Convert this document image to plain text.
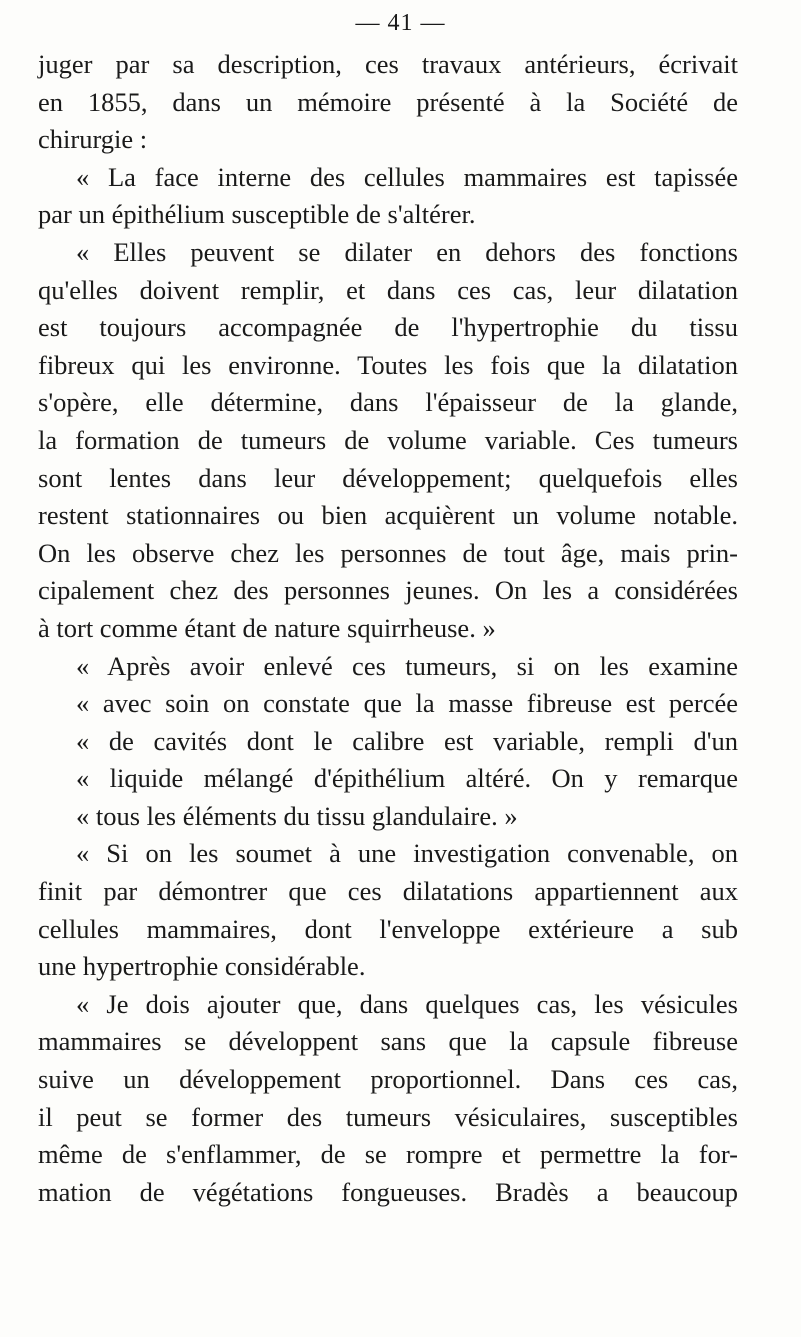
— 41 —
juger par sa description, ces travaux antérieurs, écrivait
en 1855, dans un mémoire présenté à la Société de
chirurgie :
« La face interne des cellules mammaires est tapissée
par un épithélium susceptible de s'altérer.
« Elles peuvent se dilater en dehors des fonctions
qu'elles doivent remplir, et dans ces cas, leur dilatation
est toujours accompagnée de l'hypertrophie du tissu
fibreux qui les environne. Toutes les fois que la dilatation
s'opère, elle détermine, dans l'épaisseur de la glande,
la formation de tumeurs de volume variable. Ces tumeurs
sont lentes dans leur développement; quelquefois elles
restent stationnaires ou bien acquièrent un volume notable.
On les observe chez les personnes de tout âge, mais prin-
cipalement chez des personnes jeunes. On les a considérées
à tort comme étant de nature squirrheuse. »
« Après avoir enlevé ces tumeurs, si on les examine
« avec soin on constate que la masse fibreuse est percée
« de cavités dont le calibre est variable, rempli d'un
« liquide mélangé d'épithélium altéré. On y remarque
« tous les éléments du tissu glandulaire. »
« Si on les soumet à une investigation convenable, on
finit par démontrer que ces dilatations appartiennent aux
cellules mammaires, dont l'enveloppe extérieure a sub
une hypertrophie considérable.
« Je dois ajouter que, dans quelques cas, les vésicules
mammaires se développent sans que la capsule fibreuse
suive un développement proportionnel. Dans ces cas,
il peut se former des tumeurs vésiculaires, susceptibles
même de s'enflammer, de se rompre et permettre la for-
mation de végétations fongueuses. Bradès a beaucoup
